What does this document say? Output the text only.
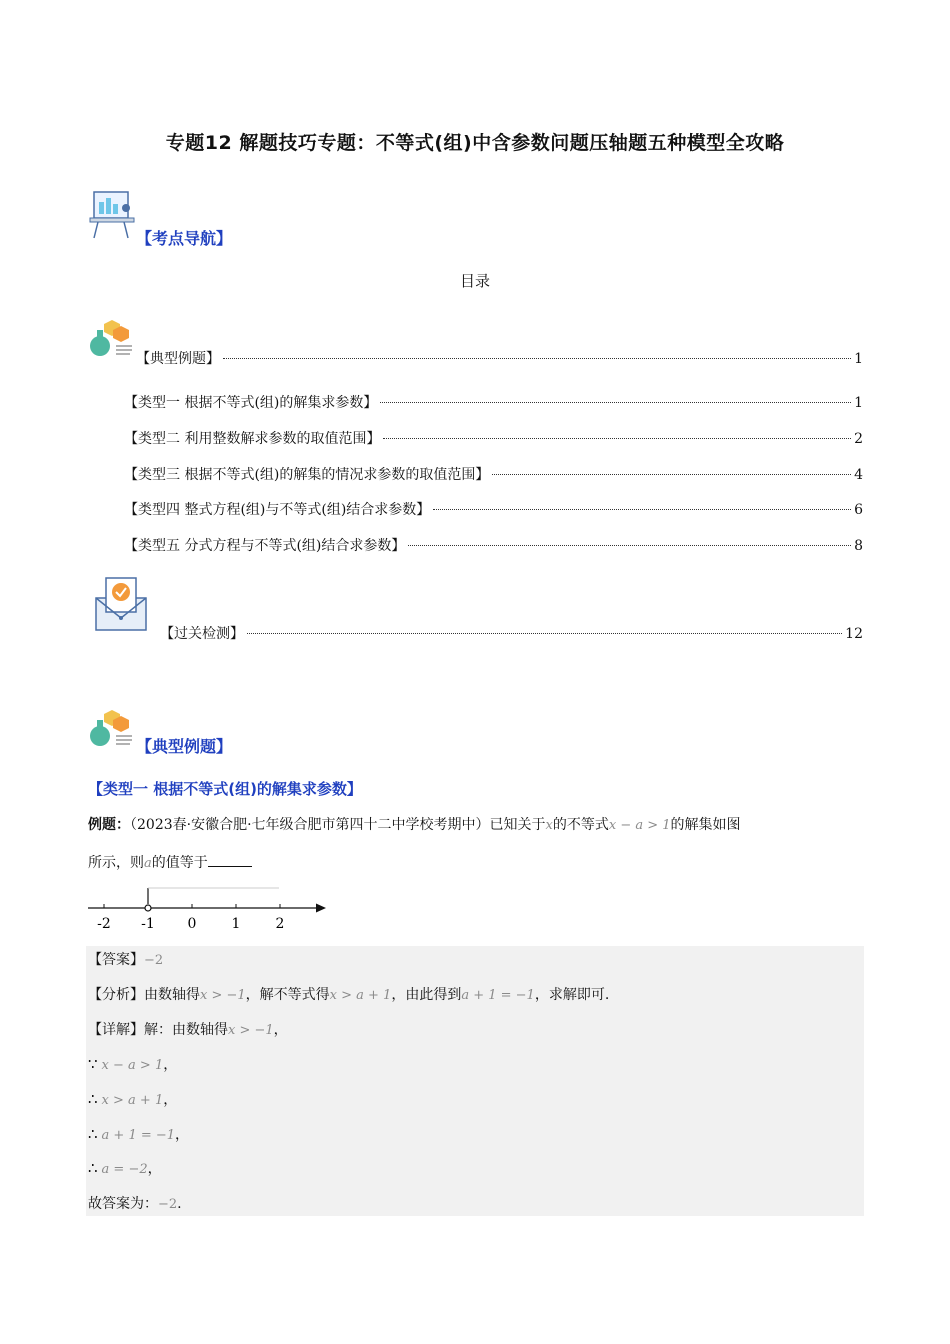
专题12 解题技巧专题：不等式(组)中含参数问题压轴题五种模型全攻略
【考点导航】
目录
【典型例题】	1
【类型一 根据不等式(组)的解集求参数】	1
【类型二 利用整数解求参数的取值范围】	2
【类型三 根据不等式(组)的解集的情况求参数的取值范围】	4
【类型四 整式方程(组)与不等式(组)结合求参数】	6
【类型五 分式方程与不等式(组)结合求参数】	8
【过关检测】	12
【典型例题】
【类型一 根据不等式(组)的解集求参数】
例题：（2023春·安徽合肥·七年级合肥市第四十二中学校考期中）已知关于x的不等式x − a > 1的解集如图
所示，则a的值等于
-2 -1 0	1	2
【答案】−2
【分析】由数轴得x > −1，解不等式得x > a + 1，由此得到a + 1 = −1，求解即可.
【详解】解：由数轴得x > −1，
∵ x − a > 1，
∴ x > a + 1，
∴ a + 1 = −1，
∴ a = −2，
故答案为：−2.
